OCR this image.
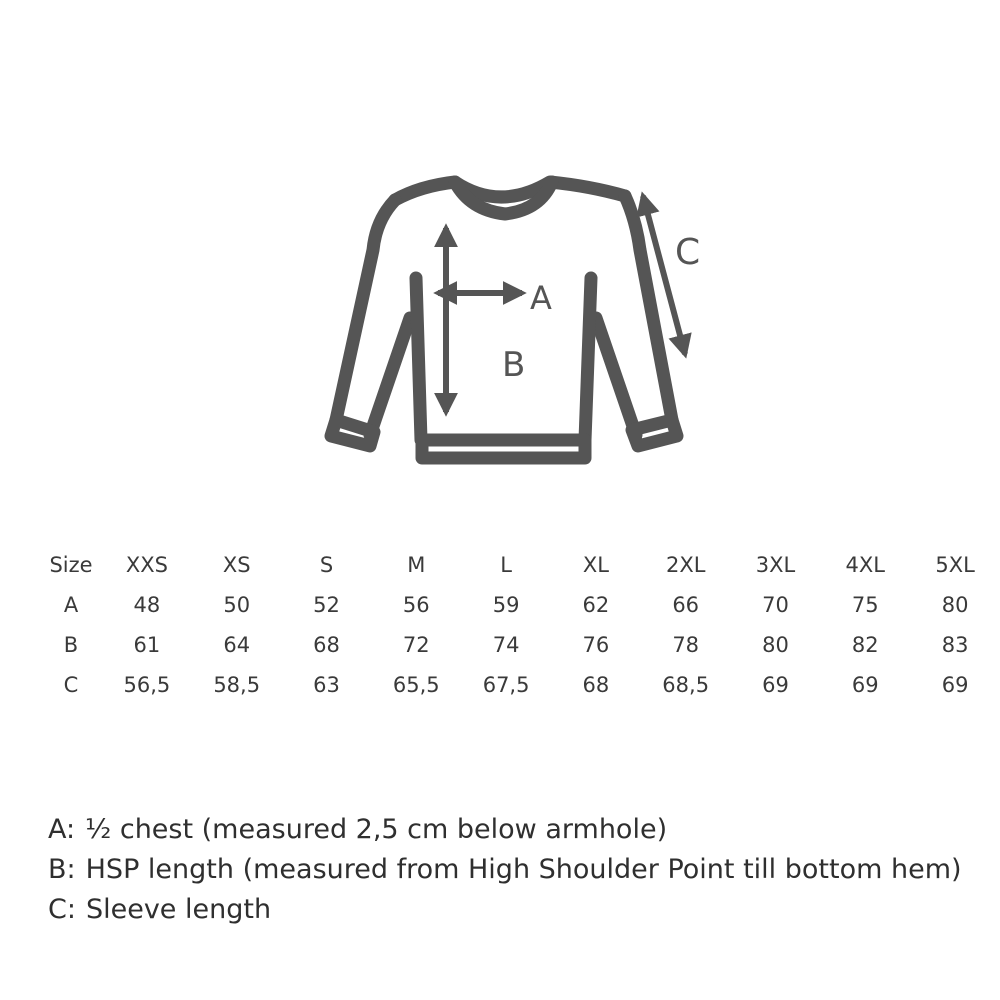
A
B
C
Size	XXS	XS	S	M	L	XL	2XL	3XL	4XL	5XL
A	48	50	52	56	59	62	66	70	75	80
B	61	64	68	72	74	76	78	80	82	83
C	56,5	58,5	63	65,5	67,5	68	68,5	69	69	69
A: ½ chest (measured 2,5 cm below armhole)
B: HSP length (measured from High Shoulder Point till bottom hem)
C: Sleeve length
